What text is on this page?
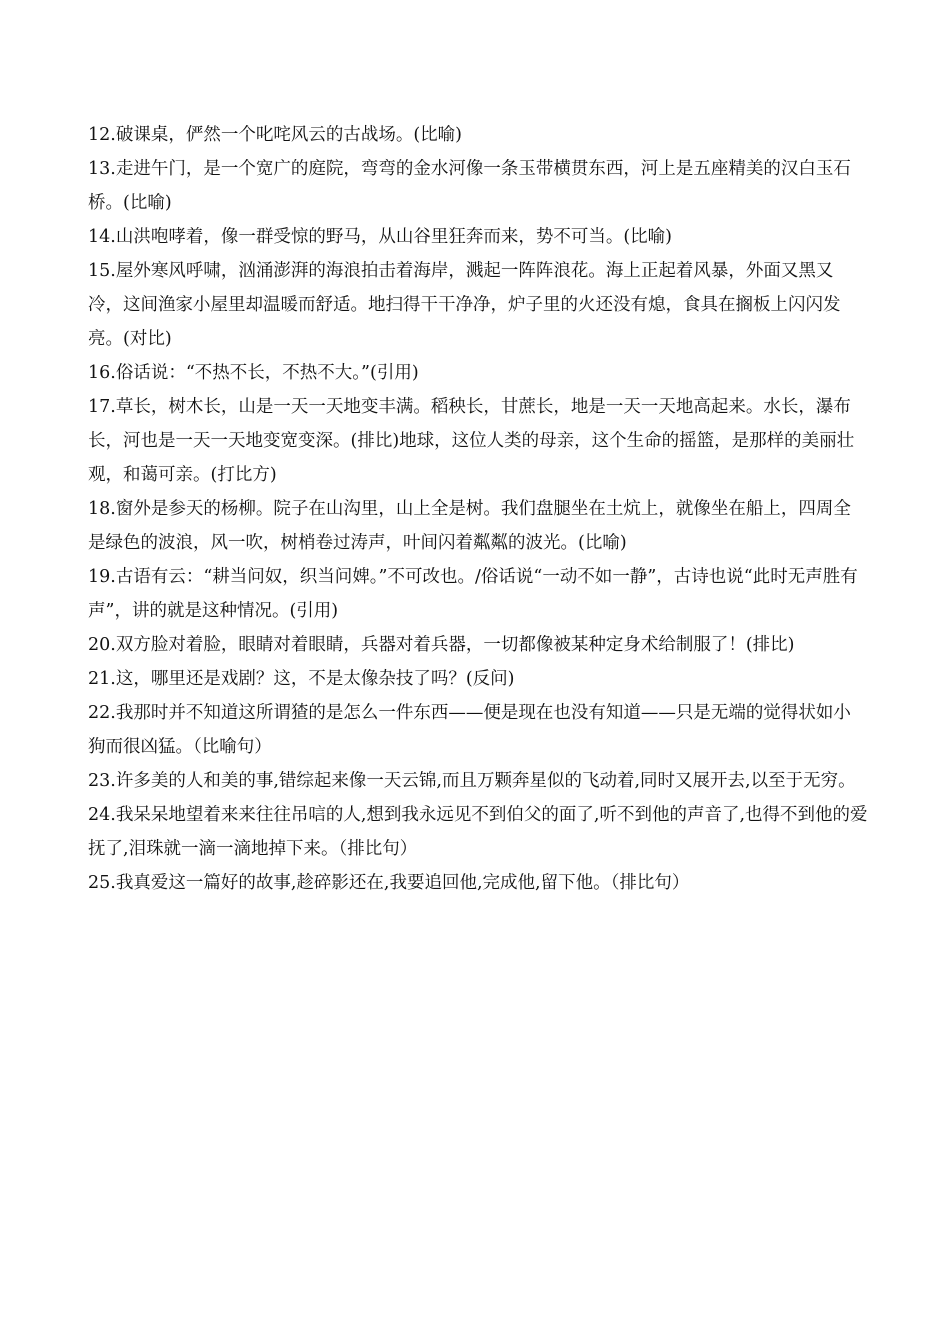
12.破课桌，俨然一个叱咤风云的古战场。(比喻)

13.走进午门，是一个宽广的庭院，弯弯的金水河像一条玉带横贯东西，河上是五座精美的汉白玉石桥。(比喻)

14.山洪咆哮着，像一群受惊的野马，从山谷里狂奔而来，势不可当。(比喻)

15.屋外寒风呼啸，汹涌澎湃的海浪拍击着海岸，溅起一阵阵浪花。海上正起着风暴，外面又黑又冷，这间渔家小屋里却温暖而舒适。地扫得干干净净，炉子里的火还没有熄，食具在搁板上闪闪发亮。(对比)

16.俗话说：“不热不长，不热不大。”(引用)

17.草长，树木长，山是一天一天地变丰满。稻秧长，甘蔗长，地是一天一天地高起来。水长，瀑布长，河也是一天一天地变宽变深。(排比)地球，这位人类的母亲，这个生命的摇篮，是那样的美丽壮观，和蔼可亲。(打比方)

18.窗外是参天的杨柳。院子在山沟里，山上全是树。我们盘腿坐在土炕上，就像坐在船上，四周全是绿色的波浪，风一吹，树梢卷过涛声，叶间闪着粼粼的波光。(比喻)

19.古语有云：“耕当问奴，织当问婢。”不可改也。/俗话说“一动不如一静”，古诗也说“此时无声胜有声”，讲的就是这种情况。(引用)

20.双方脸对着脸，眼睛对着眼睛，兵器对着兵器，一切都像被某种定身术给制服了！(排比)

21.这，哪里还是戏剧？这，不是太像杂技了吗？(反问)

22.我那时并不知道这所谓猹的是怎么一件东西——便是现在也没有知道——只是无端的觉得状如小狗而很凶猛。（比喻句）

23.许多美的人和美的事,错综起来像一天云锦,而且万颗奔星似的飞动着,同时又展开去,以至于无穷。

24.我呆呆地望着来来往往吊唁的人,想到我永远见不到伯父的面了,听不到他的声音了,也得不到他的爱抚了,泪珠就一滴一滴地掉下来。（排比句）

25.我真爱这一篇好的故事,趁碎影还在,我要追回他,完成他,留下他。（排比句）
